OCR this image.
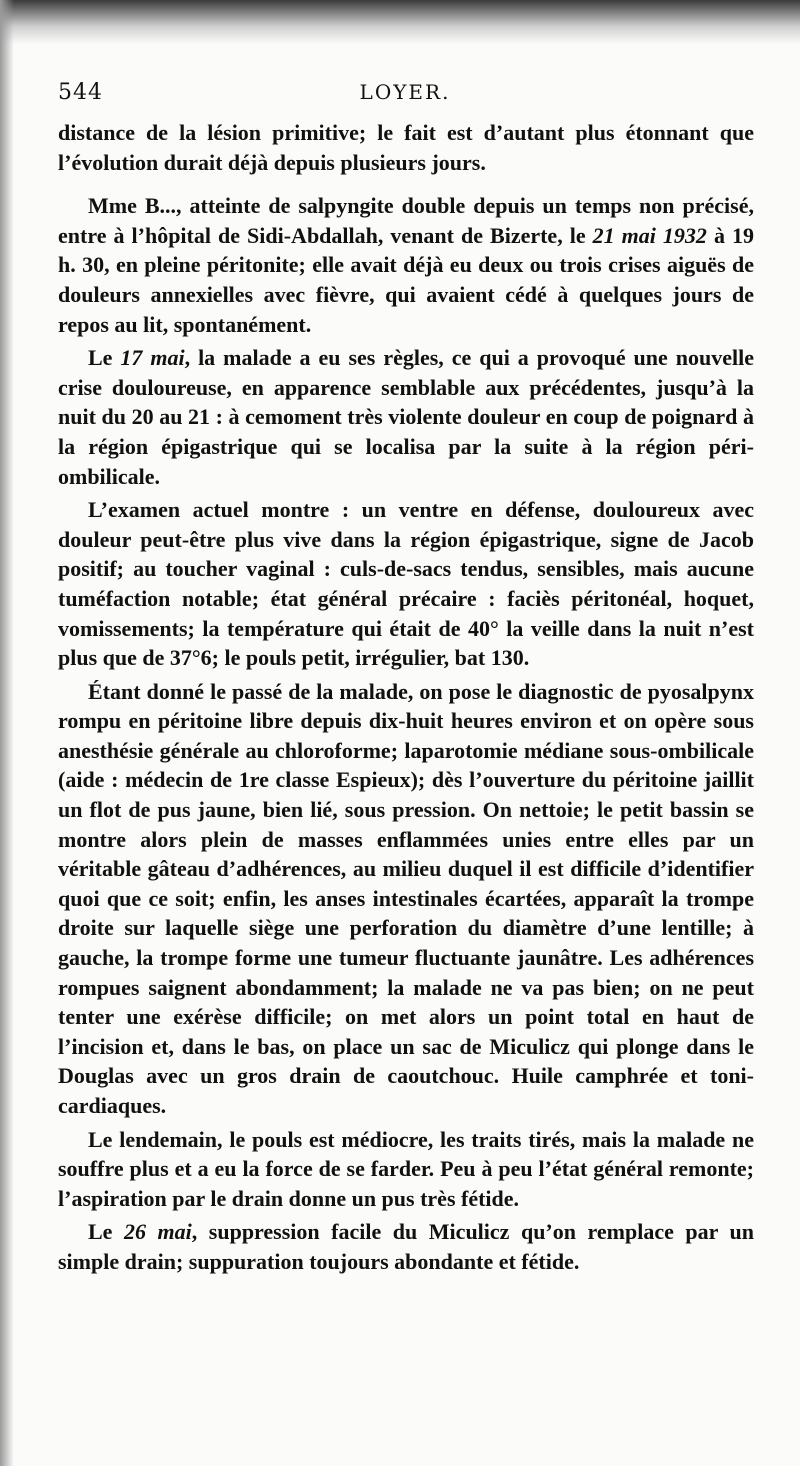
544	LOYER.

distance de la lésion primitive; le fait est d’autant plus étonnant que l’évolution durait déjà depuis plusieurs jours.

Mme B..., atteinte de salpyngite double depuis un temps non précisé, entre à l’hôpital de Sidi-Abdallah, venant de Bizerte, le 21 mai 1932 à 19 h. 30, en pleine péritonite; elle avait déjà eu deux ou trois crises aiguës de douleurs annexielles avec fièvre, qui avaient cédé à quelques jours de repos au lit, spontanément.

Le 17 mai, la malade a eu ses règles, ce qui a provoqué une nouvelle crise douloureuse, en apparence semblable aux précédentes, jusqu’à la nuit du 20 au 21 : à cemoment très violente douleur en coup de poignard à la région épigastrique qui se localisa par la suite à la région péri-ombilicale.

L’examen actuel montre : un ventre en défense, douloureux avec douleur peut-être plus vive dans la région épigastrique, signe de Jacob positif; au toucher vaginal : culs-de-sacs tendus, sensibles, mais aucune tuméfaction notable; état général précaire : faciès péritonéal, hoquet, vomissements; la température qui était de 40° la veille dans la nuit n’est plus que de 37°6; le pouls petit, irrégulier, bat 130.

Étant donné le passé de la malade, on pose le diagnostic de pyosalpynx rompu en péritoine libre depuis dix-huit heures environ et on opère sous anesthésie générale au chloroforme; laparotomie médiane sous-ombilicale (aide : médecin de 1re classe Espieux); dès l’ouverture du péritoine jaillit un flot de pus jaune, bien lié, sous pression. On nettoie; le petit bassin se montre alors plein de masses enflammées unies entre elles par un véritable gâteau d’adhérences, au milieu duquel il est difficile d’identifier quoi que ce soit; enfin, les anses intestinales écartées, apparaît la trompe droite sur laquelle siège une perforation du diamètre d’une lentille; à gauche, la trompe forme une tumeur fluctuante jaunâtre. Les adhérences rompues saignent abondamment; la malade ne va pas bien; on ne peut tenter une exérèse difficile; on met alors un point total en haut de l’incision et, dans le bas, on place un sac de Miculicz qui plonge dans le Douglas avec un gros drain de caoutchouc. Huile camphrée et toni-cardiaques.

Le lendemain, le pouls est médiocre, les traits tirés, mais la malade ne souffre plus et a eu la force de se farder. Peu à peu l’état général remonte; l’aspiration par le drain donne un pus très fétide.

Le 26 mai, suppression facile du Miculicz qu’on remplace par un simple drain; suppuration toujours abondante et fétide.
